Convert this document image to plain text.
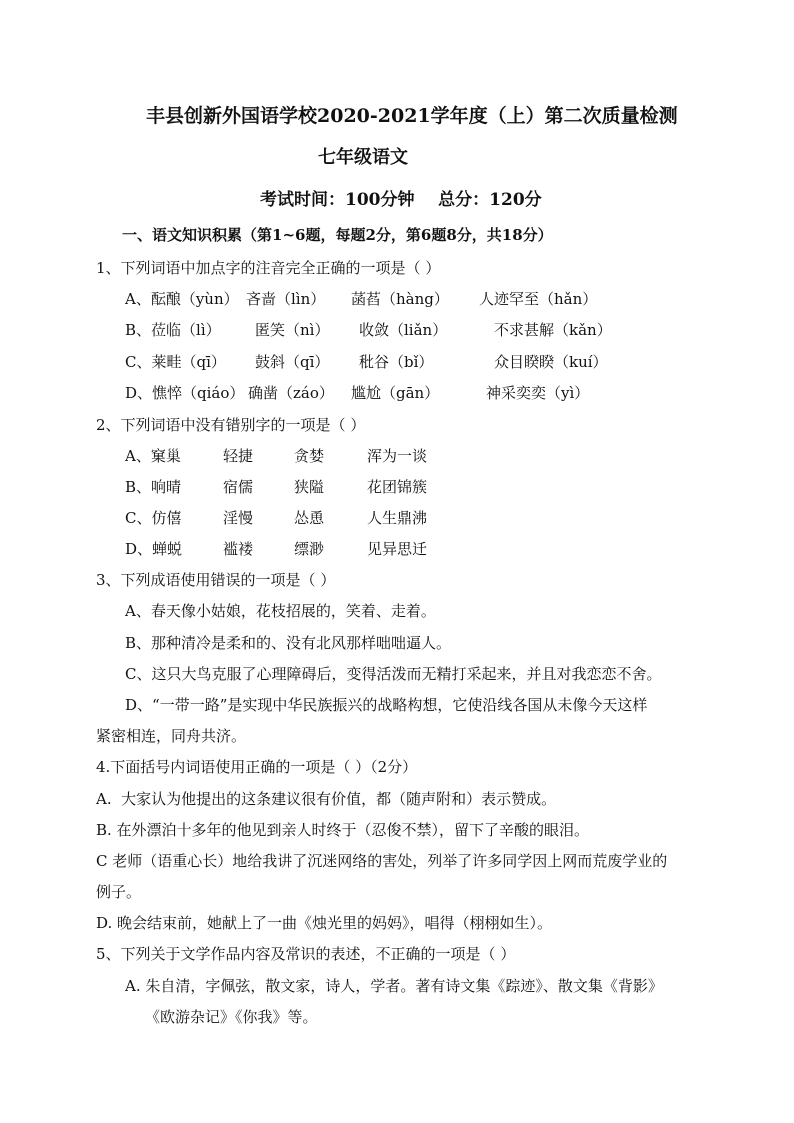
丰县创新外国语学校2020-2021学年度（上）第二次质量检测
七年级语文
考试时间：100分钟    总分：120分
一、语文知识积累（第1~6题，每题2分，第6题8分，共18分）
1、下列词语中加点字的注音完全正确的一项是（ ）
A、酝酿（yùn） 吝啬（lìn） 菡萏（hàng） 人迹罕至（hǎn）
B、莅临（lì） 匿笑（nì） 收敛（liǎn）	不求甚解（kǎn）
C、莱畦（qī） 鼓斜（qī） 秕谷（bǐ）	众目睽睽（kuí）
D、憔悴（qiáo） 确凿（záo） 尴尬（gān）	神采奕奕（yì）
2、下列词语中没有错别字的一项是（ ）
A、窠巢	轻捷	贪婪	浑为一谈
B、响晴	宿儒	狭隘	花团锦簇
C、仿僖	淫慢	怂恿	人生鼎沸
D、蝉蜕	褴褛	缥渺	见异思迁
3、下列成语使用错误的一项是（ ）
A、春天像小姑娘，花枝招展的，笑着、走着。
B、那种清冷是柔和的、没有北风那样咄咄逼人。
C、这只大鸟克服了心理障碍后，变得活泼而无精打采起来，并且对我恋恋不舍。
D、“一带一路”是实现中华民族振兴的战略构想，它使沿线各国从未像今天这样
紧密相连，同舟共济。
4.下面括号内词语使用正确的一项是（ ）（2分）
A.  大家认为他提出的这条建议很有价值，都（随声附和）表示赞成。
B. 在外漂泊十多年的他见到亲人时终于（忍俊不禁），留下了辛酸的眼泪。
C 老师（语重心长）地给我讲了沉迷网络的害处，列举了许多同学因上网而荒废学业的
例子。
D. 晚会结束前，她献上了一曲《烛光里的妈妈》，唱得（栩栩如生）。
5、下列关于文学作品内容及常识的表述，不正确的一项是（ ）
A. 朱自清，字佩弦，散文家，诗人，学者。著有诗文集《踪迹》、散文集《背影》
《欧游杂记》《你我》等。
